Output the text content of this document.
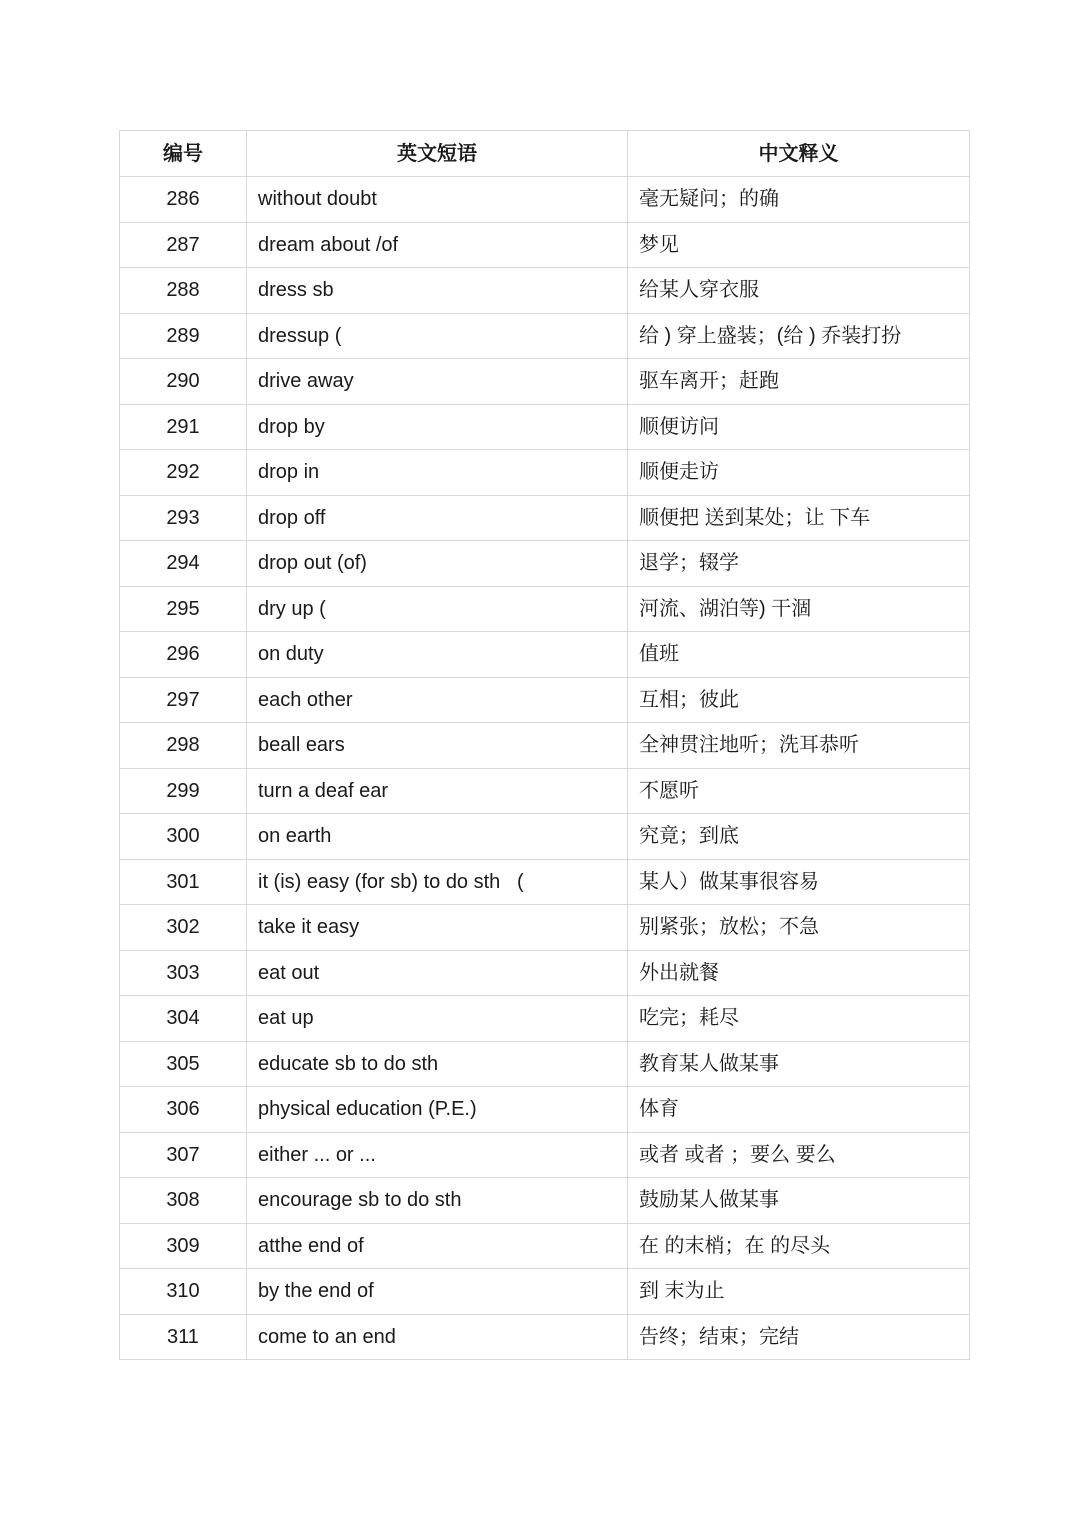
编号	英文短语	中文释义
286	without doubt	毫无疑问；的确
287	dream about /of	梦见
288	dress sb	给某人穿衣服
289	dressup (	给 ) 穿上盛装；(给 ) 乔装打扮
290	drive away	驱车离开；赶跑
291	drop by	顺便访问
292	drop in	顺便走访
293	drop off	顺便把 送到某处；让 下车
294	drop out (of)	退学；辍学
295	dry up (	河流、湖泊等) 干涸
296	on duty	值班
297	each other	互相；彼此
298	beall ears	全神贯注地听；洗耳恭听
299	turn a deaf ear	不愿听
300	on earth	究竟；到底
301	it (is) easy (for sb) to do sth   (	某人）做某事很容易
302	take it easy	别紧张；放松；不急
303	eat out	外出就餐
304	eat up	吃完；耗尽
305	educate sb to do sth	教育某人做某事
306	physical education (P.E.)	体育
307	either ... or ...	或者 或者 ；要么 要么
308	encourage sb to do sth	鼓励某人做某事
309	atthe end of	在 的末梢；在 的尽头
310	by the end of	到 末为止
311	come to an end	告终；结束；完结
